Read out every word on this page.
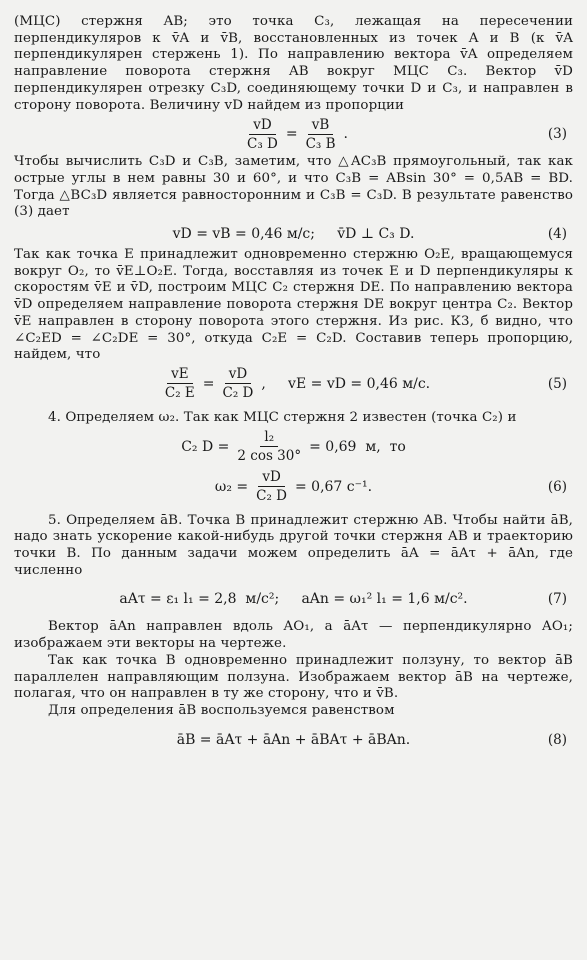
(МЦС) стержня AB; это точка C₃, лежащая на пересечении перпендикуляров к v̄A и v̄B, восстановленных из точек A и B (к v̄A перпендикулярен стержень 1). По направлению вектора v̄A определяем направление поворота стержня AB вокруг МЦС C₃. Вектор v̄D перпендикулярен отрезку C₃D, соединяющему точки D и C₃, и направлен в сторону поворота. Величину vD найдем из пропорции

$\frac{vD}{\text{C₃ D}} = \frac{vB}{\text{C₃ B}}$ .	(3)

Чтобы вычислить C₃D и C₃B, заметим, что △AC₃B прямоугольный, так как острые углы в нем равны 30 и 60°, и что C₃B = ABsin 30° = 0,5AB = BD. Тогда △BC₃D является равносторонним и C₃B = C₃D. В результате равенство (3) дает

vD = vB = 0,46 м/с;     v̄D ⊥ C₃ D.	(4)

Так как точка E принадлежит одновременно стержню O₂E, вращающемуся вокруг O₂, то v̄E⊥O₂E. Тогда, восставляя из точек E и D перпендикуляры к скоростям v̄E и v̄D, построим МЦС C₂ стержня DE. По направлению вектора v̄D определяем направление поворота стержня DE вокруг центра C₂. Вектор v̄E направлен в сторону поворота этого стержня. Из рис. К3, б видно, что ∠C₂ED = ∠C₂DE = 30°, откуда C₂E = C₂D. Составив теперь пропорцию, найдем, что

$\frac{vE}{\text{C₂ E}} = \frac{vD}{\text{C₂ D}}$ ,     vE = vD = 0,46 м/с.	(5)

4. Определяем ω₂. Так как МЦС стержня 2 известен (точка C₂) и

C₂ $D = \frac{\text{l₂}}{2 \cos 30^\circ} = 0,69$  м,  то
$\omega_2 = \frac{vD}{\text{C₂ D}} = 0,67$ с⁻¹.	(6)

5. Определяем āB. Точка B принадлежит стержню AB. Чтобы найти āB, надо знать ускорение какой-нибудь другой точки стержня AB и траекторию точки B. По данным задачи можем определить āA = āAτ + āAn, где численно

aAτ = ε₁ l₁ = 2,8  м/с²;     aAn = ω₁² l₁ = 1,6 м/с².	(7)

Вектор āAn направлен вдоль AO₁, а āAτ — перпендикулярно AO₁; изображаем эти векторы на чертеже.

Так как точка B одновременно принадлежит ползуну, то вектор āB параллелен направляющим ползуна. Изображаем вектор āB на чертеже, полагая, что он направлен в ту же сторону, что и v̄B.

Для определения āB воспользуемся равенством

āB = āAτ + āAn + āBAτ + āBAn.	(8)
